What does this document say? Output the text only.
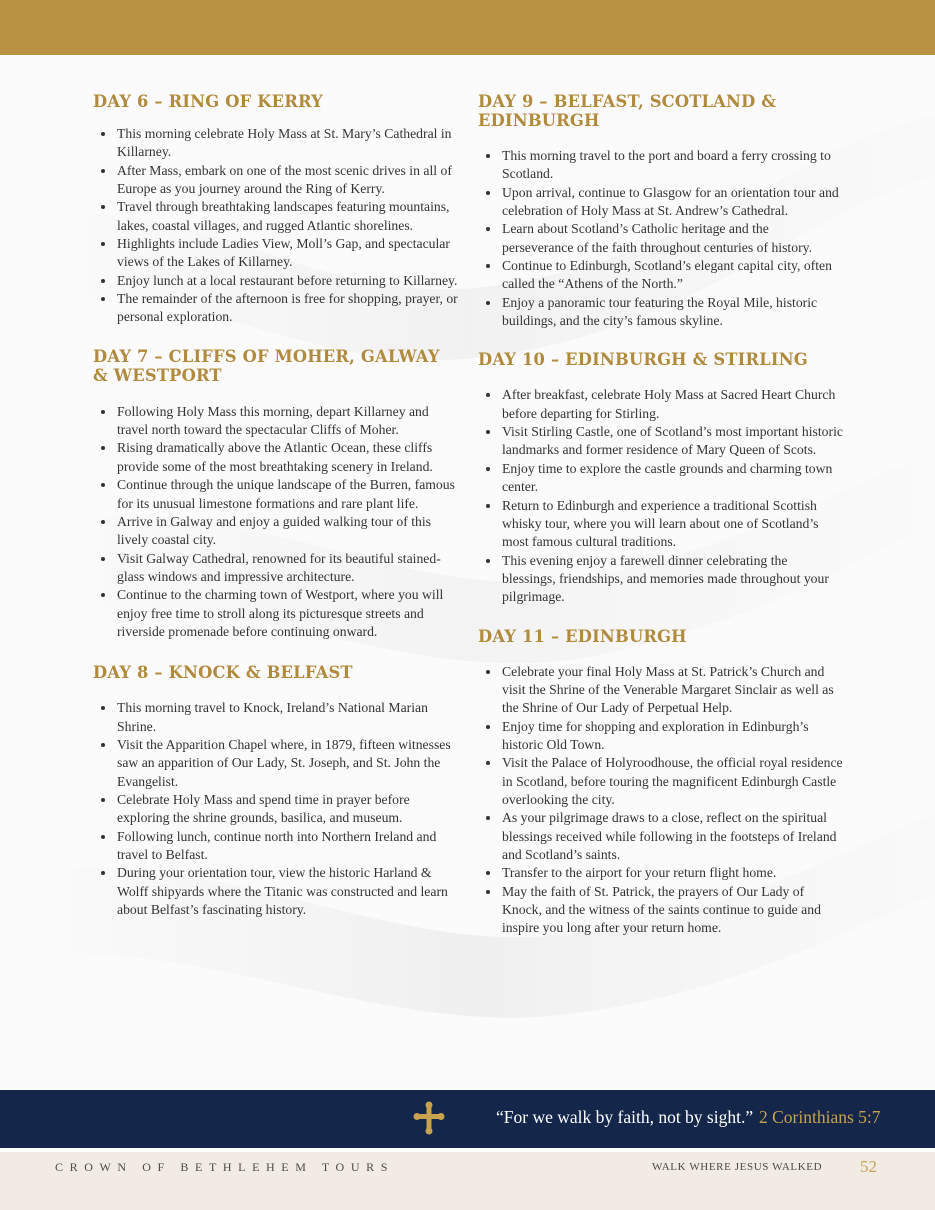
DAY 6 – RING OF KERRY
• This morning celebrate Holy Mass at St. Mary’s Cathedral in Killarney.
• After Mass, embark on one of the most scenic drives in all of Europe as you journey around the Ring of Kerry.
• Travel through breathtaking landscapes featuring mountains, lakes, coastal villages, and rugged Atlantic shorelines.
• Highlights include Ladies View, Moll’s Gap, and spectacular views of the Lakes of Killarney.
• Enjoy lunch at a local restaurant before returning to Killarney.
• The remainder of the afternoon is free for shopping, prayer, or personal exploration.
DAY 7 – CLIFFS OF MOHER, GALWAY & WESTPORT
• Following Holy Mass this morning, depart Killarney and travel north toward the spectacular Cliffs of Moher.
• Rising dramatically above the Atlantic Ocean, these cliffs provide some of the most breathtaking scenery in Ireland.
• Continue through the unique landscape of the Burren, famous for its unusual limestone formations and rare plant life.
• Arrive in Galway and enjoy a guided walking tour of this lively coastal city.
• Visit Galway Cathedral, renowned for its beautiful stained-glass windows and impressive architecture.
• Continue to the charming town of Westport, where you will enjoy free time to stroll along its picturesque streets and riverside promenade before continuing onward.
DAY 8 – KNOCK & BELFAST
• This morning travel to Knock, Ireland’s National Marian Shrine.
• Visit the Apparition Chapel where, in 1879, fifteen witnesses saw an apparition of Our Lady, St. Joseph, and St. John the Evangelist.
• Celebrate Holy Mass and spend time in prayer before exploring the shrine grounds, basilica, and museum.
• Following lunch, continue north into Northern Ireland and travel to Belfast.
• During your orientation tour, view the historic Harland & Wolff shipyards where the Titanic was constructed and learn about Belfast’s fascinating history.
DAY 9 – BELFAST, SCOTLAND & EDINBURGH
• This morning travel to the port and board a ferry crossing to Scotland.
• Upon arrival, continue to Glasgow for an orientation tour and celebration of Holy Mass at St. Andrew’s Cathedral.
• Learn about Scotland’s Catholic heritage and the perseverance of the faith throughout centuries of history.
• Continue to Edinburgh, Scotland’s elegant capital city, often called the “Athens of the North.”
• Enjoy a panoramic tour featuring the Royal Mile, historic buildings, and the city’s famous skyline.
DAY 10 – EDINBURGH & STIRLING
• After breakfast, celebrate Holy Mass at Sacred Heart Church before departing for Stirling.
• Visit Stirling Castle, one of Scotland’s most important historic landmarks and former residence of Mary Queen of Scots.
• Enjoy time to explore the castle grounds and charming town center.
• Return to Edinburgh and experience a traditional Scottish whisky tour, where you will learn about one of Scotland’s most famous cultural traditions.
• This evening enjoy a farewell dinner celebrating the blessings, friendships, and memories made throughout your pilgrimage.
DAY 11 – EDINBURGH
• Celebrate your final Holy Mass at St. Patrick’s Church and visit the Shrine of the Venerable Margaret Sinclair as well as the Shrine of Our Lady of Perpetual Help.
• Enjoy time for shopping and exploration in Edinburgh’s historic Old Town.
• Visit the Palace of Holyroodhouse, the official royal residence in Scotland, before touring the magnificent Edinburgh Castle overlooking the city.
• As your pilgrimage draws to a close, reflect on the spiritual blessings received while following in the footsteps of Ireland and Scotland’s saints.
• Transfer to the airport for your return flight home.
• May the faith of St. Patrick, the prayers of Our Lady of Knock, and the witness of the saints continue to guide and inspire you long after your return home.
“For we walk by faith, not by sight.” 2 Corinthians 5:7
CROWN OF BETHLEHEM TOURS	WALK WHERE JESUS WALKED 52
